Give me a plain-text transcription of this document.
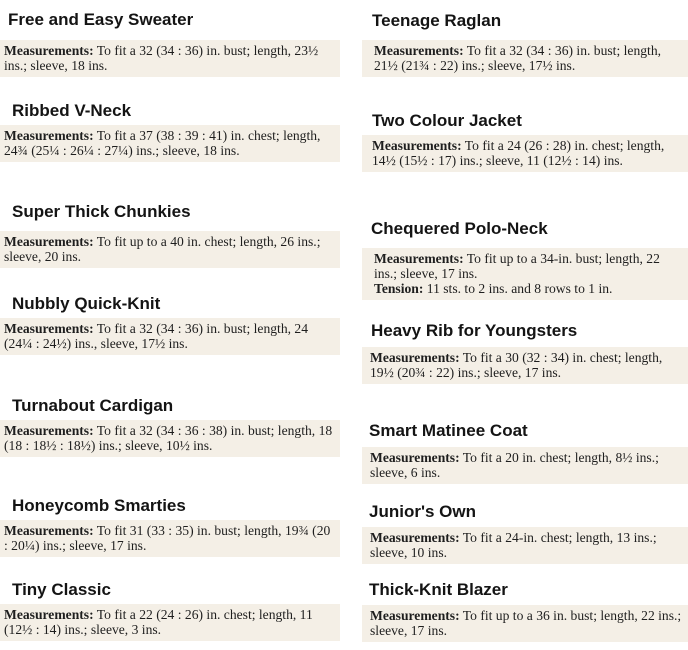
Free and Easy Sweater

Measurements: To fit a 32 (34 : 36) in. bust; length, 23½ ins.; sleeve, 18 ins.

Ribbed V-Neck

Measurements: To fit a 37 (38 : 39 : 41) in. chest; length, 24¾ (25¼ : 26¼ : 27¼) ins.; sleeve, 18 ins.

Super Thick Chunkies

Measurements: To fit up to a 40 in. chest; length, 26 ins.; sleeve, 20 ins.

Nubbly Quick-Knit

Measurements: To fit a 32 (34 : 36) in. bust; length, 24 (24¼ : 24½) ins., sleeve, 17½ ins.

Turnabout Cardigan

Measurements: To fit a 32 (34 : 36 : 38) in. bust; length, 18 (18 : 18½ : 18½) ins.; sleeve, 10½ ins.

Honeycomb Smarties

Measurements: To fit 31 (33 : 35) in. bust; length, 19¾ (20 : 20¼) ins.; sleeve, 17 ins.

Tiny Classic

Measurements: To fit a 22 (24 : 26) in. chest; length, 11 (12½ : 14) ins.; sleeve, 3 ins.

Teenage Raglan

Measurements: To fit a 32 (34 : 36) in. bust; length, 21½ (21¾ : 22) ins.; sleeve, 17½ ins.

Two Colour Jacket

Measurements: To fit a 24 (26 : 28) in. chest; length, 14½ (15½ : 17) ins.; sleeve, 11 (12½ : 14) ins.

Chequered Polo-Neck

Measurements: To fit up to a 34-in. bust; length, 22 ins.; sleeve, 17 ins.

Tension: 11 sts. to 2 ins. and 8 rows to 1 in.

Heavy Rib for Youngsters

Measurements: To fit a 30 (32 : 34) in. chest; length, 19½ (20¾ : 22) ins.; sleeve, 17 ins.

Smart Matinee Coat

Measurements: To fit a 20 in. chest; length, 8½ ins.; sleeve, 6 ins.

Junior's Own

Measurements: To fit a 24-in. chest; length, 13 ins.; sleeve, 10 ins.

Thick-Knit Blazer

Measurements: To fit up to a 36 in. bust; length, 22 ins.; sleeve, 17 ins.
